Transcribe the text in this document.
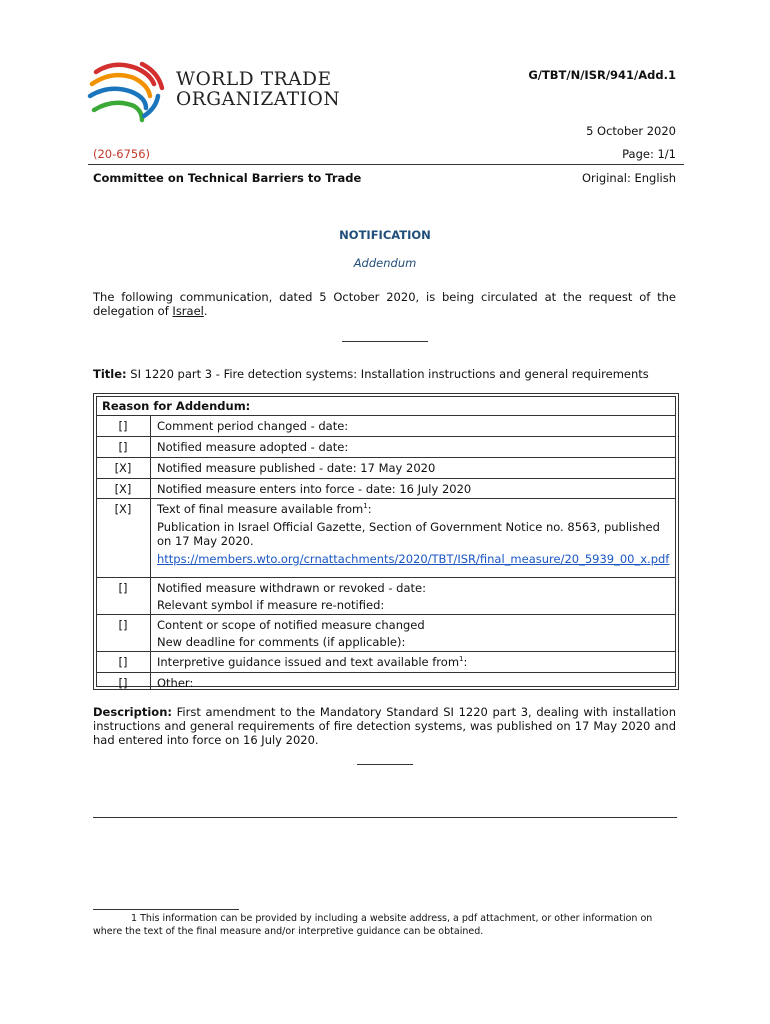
WORLD TRADE
ORGANIZATION
G/TBT/N/ISR/941/Add.1
5 October 2020
(20-6756)	Page: 1/1
Committee on Technical Barriers to Trade	Original: English
NOTIFICATION
Addendum
The following communication, dated 5 October 2020, is being circulated at the request of the delegation of Israel.
Title: SI 1220 part 3 - Fire detection systems: Installation instructions and general requirements
Reason for Addendum:
[]	Comment period changed - date:
[]	Notified measure adopted - date:
[X]	Notified measure published - date: 17 May 2020
[X]	Notified measure enters into force - date: 16 July 2020
[X]	Text of final measure available from$^1$:
Publication in Israel Official Gazette, Section of Government Notice no. 8563, published on 17 May 2020.
https://members.wto.org/crnattachments/2020/TBT/ISR/final_measure/20_5939_00_x.pdf
[]	Notified measure withdrawn or revoked - date:
Relevant symbol if measure re-notified:
[]	Content or scope of notified measure changed
New deadline for comments (if applicable):
[]	Interpretive guidance issued and text available from$^1$:
[]	Other:
Description: First amendment to the Mandatory Standard SI 1220 part 3, dealing with installation instructions and general requirements of fire detection systems, was published on 17 May 2020 and had entered into force on 16 July 2020.
1 This information can be provided by including a website address, a pdf attachment, or other information on where the text of the final measure and/or interpretive guidance can be obtained.
